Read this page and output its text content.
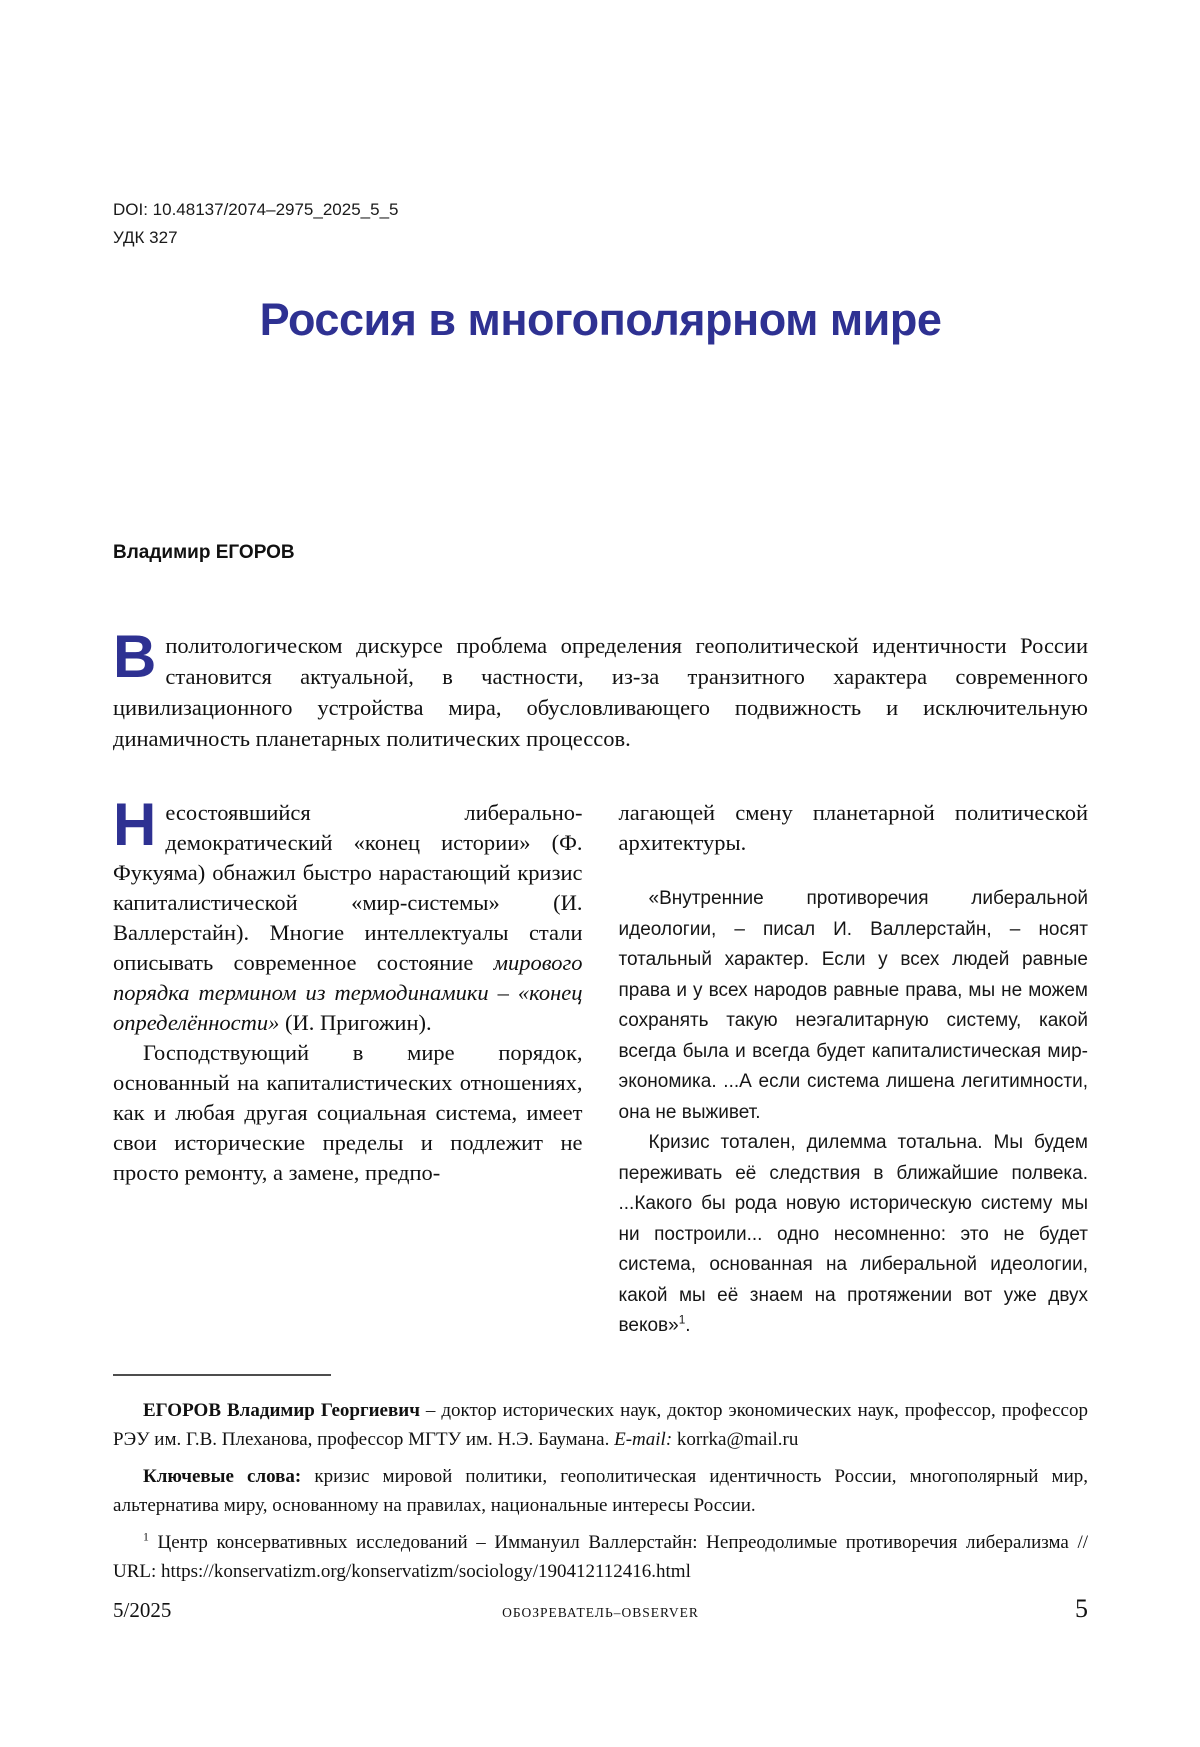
DOI: 10.48137/2074–2975_2025_5_5
УДК 327
Россия в многополярном мире
Владимир ЕГОРОВ
В политологическом дискурсе проблема определения геополитической идентичности России становится актуальной, в частности, из-за транзитного характера современного цивилизационного устройства мира, обусловливающего подвижность и исключительную динамичность планетарных политических процессов.
Несостоявшийся либерально-демократический «конец истории» (Ф. Фукуяма) обнажил быстро нарастающий кризис капиталистической «мир-системы» (И. Валлерстайн). Многие интеллектуалы стали описывать современное состояние мирового порядка термином из термодинамики – «конец определённости» (И. Пригожин).
Господствующий в мире порядок, основанный на капиталистических отношениях, как и любая другая социальная система, имеет свои исторические пределы и подлежит не просто ремонту, а замене, предпо-
лагающей смену планетарной политической архитектуры.
«Внутренние противоречия либеральной идеологии, – писал И. Валлерстайн, – носят тотальный характер. Если у всех людей равные права и у всех народов равные права, мы не можем сохранять такую неэгалитарную систему, какой всегда была и всегда будет капиталистическая мир-экономика. ...А если система лишена легитимности, она не выживет.
Кризис тотален, дилемма тотальна. Мы будем переживать её следствия в ближайшие полвека. ...Какого бы рода новую историческую систему мы ни построили... одно несомненно: это не будет система, основанная на либеральной идеологии, какой мы её знаем на протяжении вот уже двух веков»$^1$.

ЕГОРОВ Владимир Георгиевич – доктор исторических наук, доктор экономических наук, профессор, профессор РЭУ им. Г.В. Плеханова, профессор МГТУ им. Н.Э. Баумана. E-mail: korrka@mail.ru

Ключевые слова: кризис мировой политики, геополитическая идентичность России, многополярный мир, альтернатива миру, основанному на правилах, национальные интересы России.

$^1$ Центр консервативных исследований – Иммануил Валлерстайн: Непреодолимые противоречия либерализма // URL: https://konservatizm.org/konservatizm/sociology/190412112416.html

5/2025	ОБОЗРЕВАТЕЛЬ–OBSERVER	5
